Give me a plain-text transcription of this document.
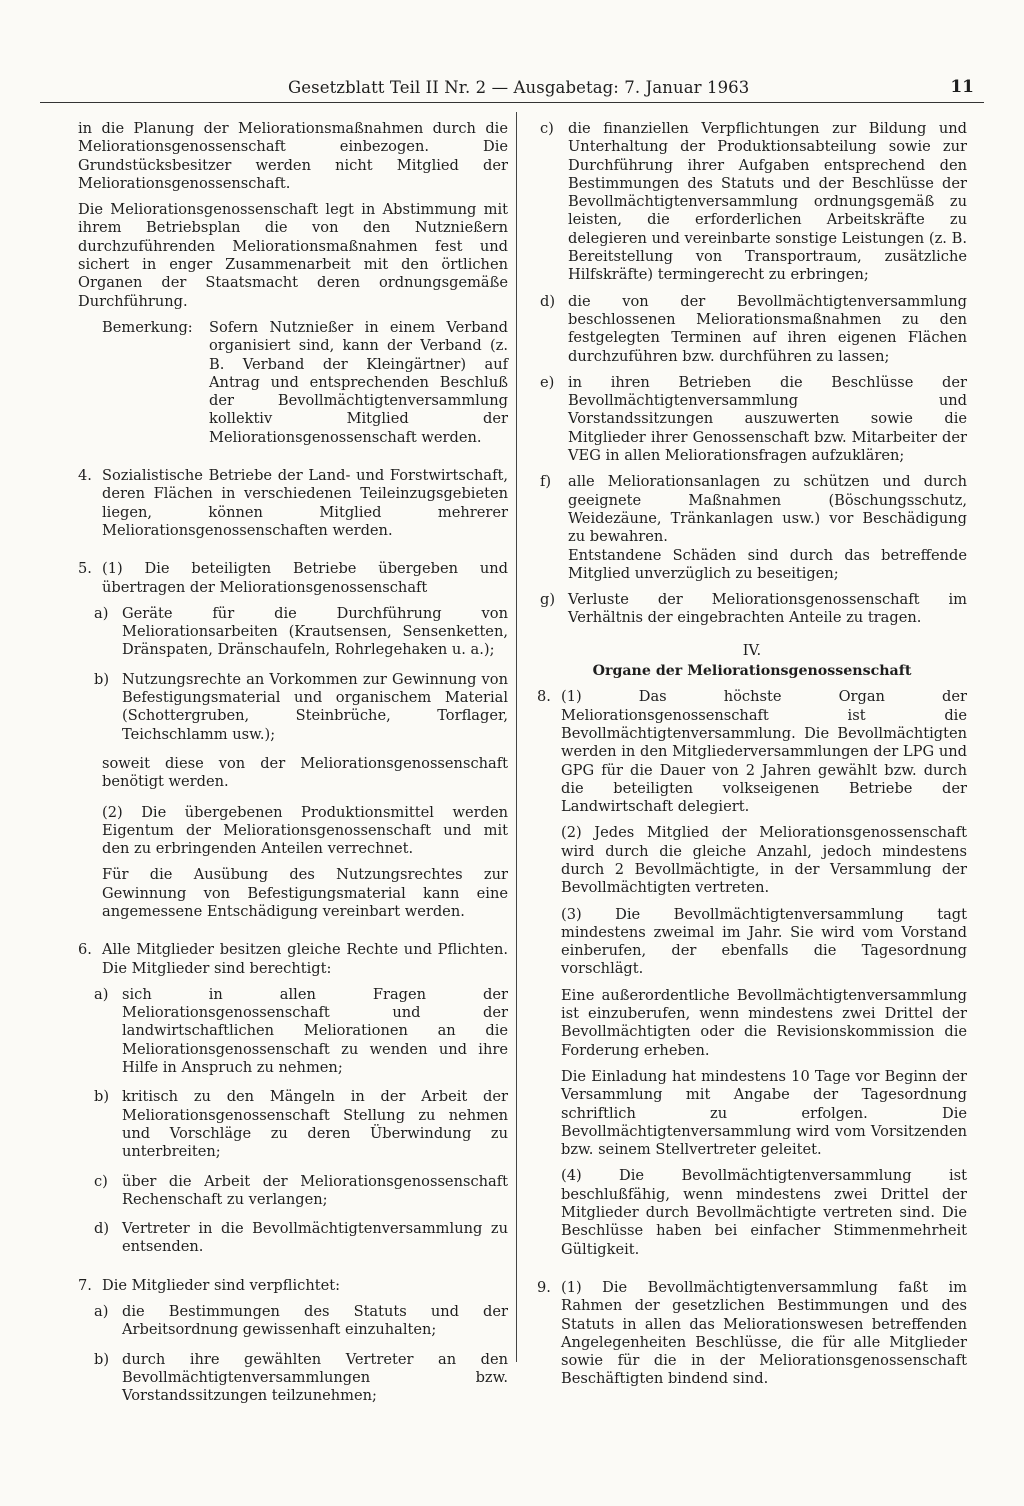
Gesetzblatt Teil II Nr. 2 — Ausgabetag: 7. Januar 1963	11

in die Planung der Meliorationsmaßnahmen durch die Meliorationsgenossenschaft einbezogen. Die Grundstücksbesitzer werden nicht Mitglied der Meliorationsgenossenschaft.

Die Meliorationsgenossenschaft legt in Abstimmung mit ihrem Betriebsplan die von den Nutznießern durchzuführenden Meliorationsmaßnahmen fest und sichert in enger Zusammenarbeit mit den örtlichen Organen der Staatsmacht deren ordnungsgemäße Durchführung.

Bemerkung: Sofern Nutznießer in einem Verband organisiert sind, kann der Verband (z. B. Verband der Kleingärtner) auf Antrag und entsprechenden Beschluß der Bevollmächtigtenversammlung kollektiv Mitglied der Meliorationsgenossenschaft werden.

4. Sozialistische Betriebe der Land- und Forstwirtschaft, deren Flächen in verschiedenen Teileinzugsgebieten liegen, können Mitglied mehrerer Meliorationsgenossenschaften werden.

5. (1) Die beteiligten Betriebe übergeben und übertragen der Meliorationsgenossenschaft

a) Geräte für die Durchführung von Meliorationsarbeiten (Krautsensen, Sensenketten, Dränspaten, Dränschaufeln, Rohrlegehaken u. a.);

b) Nutzungsrechte an Vorkommen zur Gewinnung von Befestigungsmaterial und organischem Material (Schottergruben, Steinbrüche, Torflager, Teichschlamm usw.);

soweit diese von der Meliorationsgenossenschaft benötigt werden.

(2) Die übergebenen Produktionsmittel werden Eigentum der Meliorationsgenossenschaft und mit den zu erbringenden Anteilen verrechnet.

Für die Ausübung des Nutzungsrechtes zur Gewinnung von Befestigungsmaterial kann eine angemessene Entschädigung vereinbart werden.

6. Alle Mitglieder besitzen gleiche Rechte und Pflichten. Die Mitglieder sind berechtigt:

a) sich in allen Fragen der Meliorationsgenossenschaft und der landwirtschaftlichen Meliorationen an die Meliorationsgenossenschaft zu wenden und ihre Hilfe in Anspruch zu nehmen;

b) kritisch zu den Mängeln in der Arbeit der Meliorationsgenossenschaft Stellung zu nehmen und Vorschläge zu deren Überwindung zu unterbreiten;

c) über die Arbeit der Meliorationsgenossenschaft Rechenschaft zu verlangen;

d) Vertreter in die Bevollmächtigtenversammlung zu entsenden.

7. Die Mitglieder sind verpflichtet:

a) die Bestimmungen des Statuts und der Arbeitsordnung gewissenhaft einzuhalten;

b) durch ihre gewählten Vertreter an den Bevollmächtigtenversammlungen bzw. Vorstandssitzungen teilzunehmen;

c) die finanziellen Verpflichtungen zur Bildung und Unterhaltung der Produktionsabteilung sowie zur Durchführung ihrer Aufgaben entsprechend den Bestimmungen des Statuts und der Beschlüsse der Bevollmächtigtenversammlung ordnungsgemäß zu leisten, die erforderlichen Arbeitskräfte zu delegieren und vereinbarte sonstige Leistungen (z. B. Bereitstellung von Transportraum, zusätzliche Hilfskräfte) termingerecht zu erbringen;

d) die von der Bevollmächtigtenversammlung beschlossenen Meliorationsmaßnahmen zu den festgelegten Terminen auf ihren eigenen Flächen durchzuführen bzw. durchführen zu lassen;

e) in ihren Betrieben die Beschlüsse der Bevollmächtigtenversammlung und Vorstandssitzungen auszuwerten sowie die Mitglieder ihrer Genossenschaft bzw. Mitarbeiter der VEG in allen Meliorationsfragen aufzuklären;

f) alle Meliorationsanlagen zu schützen und durch geeignete Maßnahmen (Böschungsschutz, Weidezäune, Tränkanlagen usw.) vor Beschädigung zu bewahren.

Entstandene Schäden sind durch das betreffende Mitglied unverzüglich zu beseitigen;

g) Verluste der Meliorationsgenossenschaft im Verhältnis der eingebrachten Anteile zu tragen.

IV.
Organe der Meliorationsgenossenschaft
8. (1) Das höchste Organ der Meliorationsgenossenschaft ist die Bevollmächtigtenversammlung. Die Bevollmächtigten werden in den Mitgliederversammlungen der LPG und GPG für die Dauer von 2 Jahren gewählt bzw. durch die beteiligten volkseigenen Betriebe der Landwirtschaft delegiert.

(2) Jedes Mitglied der Meliorationsgenossenschaft wird durch die gleiche Anzahl, jedoch mindestens durch 2 Bevollmächtigte, in der Versammlung der Bevollmächtigten vertreten.

(3) Die Bevollmächtigtenversammlung tagt mindestens zweimal im Jahr. Sie wird vom Vorstand einberufen, der ebenfalls die Tagesordnung vorschlägt.

Eine außerordentliche Bevollmächtigtenversammlung ist einzuberufen, wenn mindestens zwei Drittel der Bevollmächtigten oder die Revisionskommission die Forderung erheben.

Die Einladung hat mindestens 10 Tage vor Beginn der Versammlung mit Angabe der Tagesordnung schriftlich zu erfolgen. Die Bevollmächtigtenversammlung wird vom Vorsitzenden bzw. seinem Stellvertreter geleitet.

(4) Die Bevollmächtigtenversammlung ist beschlußfähig, wenn mindestens zwei Drittel der Mitglieder durch Bevollmächtigte vertreten sind. Die Beschlüsse haben bei einfacher Stimmenmehrheit Gültigkeit.

9. (1) Die Bevollmächtigtenversammlung faßt im Rahmen der gesetzlichen Bestimmungen und des Statuts in allen das Meliorationswesen betreffenden Angelegenheiten Beschlüsse, die für alle Mitglieder sowie für die in der Meliorationsgenossenschaft Beschäftigten bindend sind.
